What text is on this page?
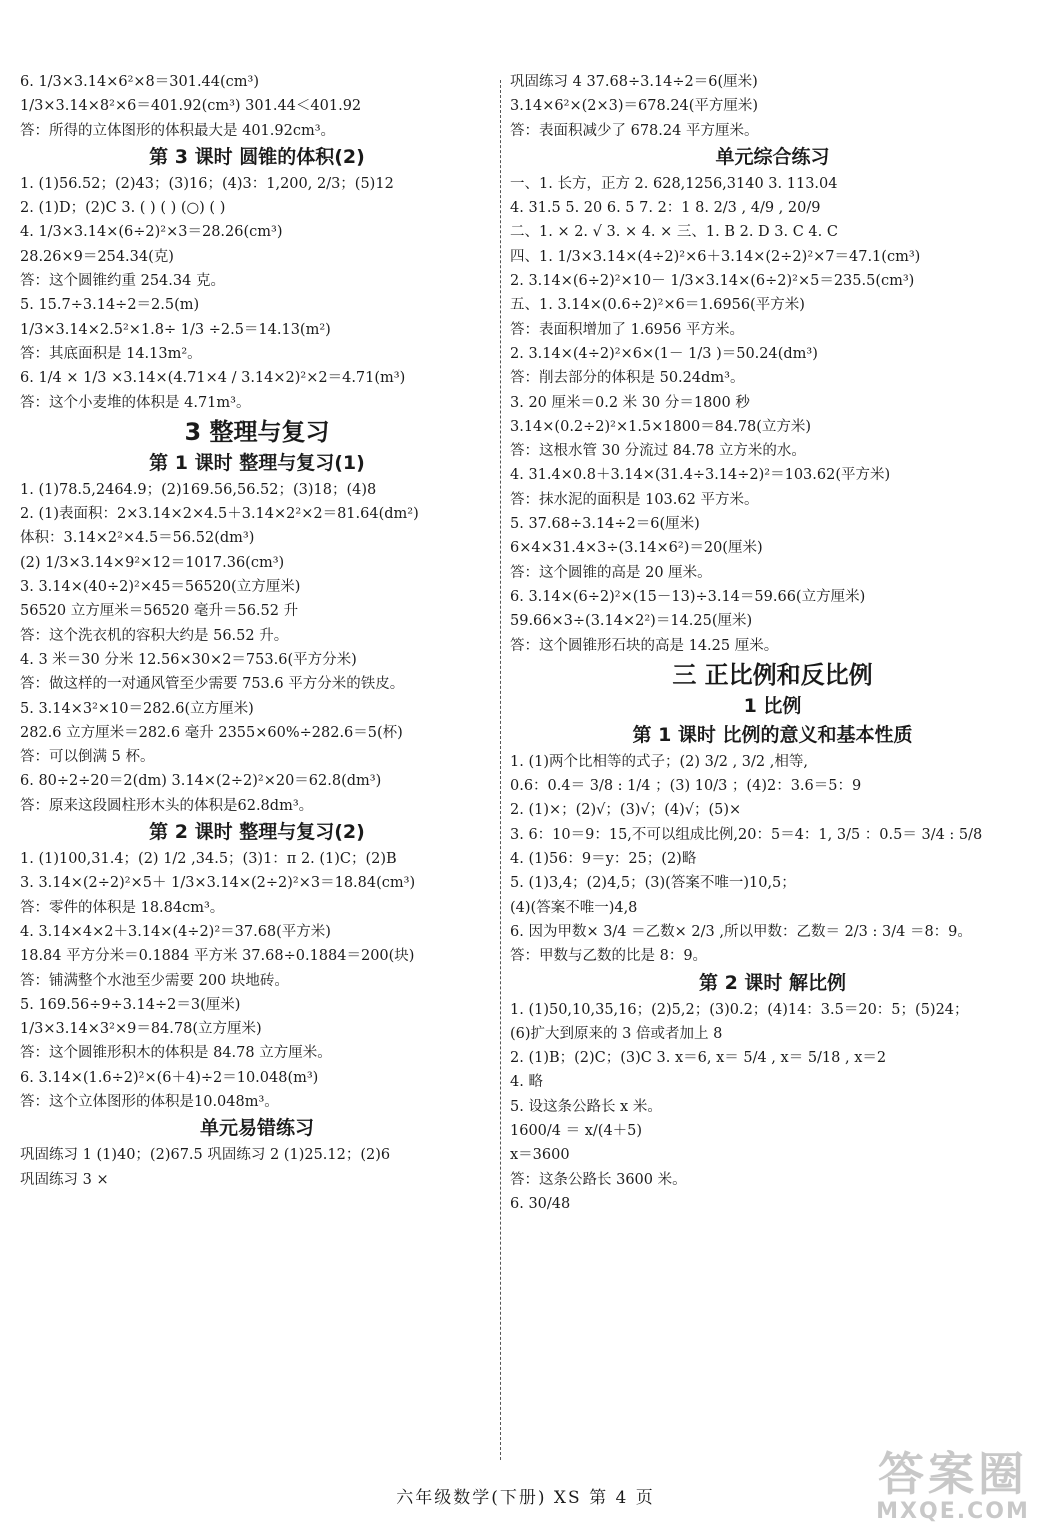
6. 1/3×3.14×6²×8＝301.44(cm³)
1/3×3.14×8²×6＝401.92(cm³) 301.44＜401.92
答：所得的立体图形的体积最大是 401.92cm³。
第 3 课时 圆锥的体积(2)
1. (1)56.52；(2)43；(3)16；(4)3：1,200, 2/3；(5)12
2. (1)D；(2)C 3. ( ) ( ) (○) ( )
4. 1/3×3.14×(6÷2)²×3＝28.26(cm³)
28.26×9＝254.34(克)
答：这个圆锥约重 254.34 克。
5. 15.7÷3.14÷2＝2.5(m)
1/3×3.14×2.5²×1.8÷ 1/3 ÷2.5＝14.13(m²)
答：其底面积是 14.13m²。
6. 1/4 × 1/3 ×3.14×(4.71×4 / 3.14×2)²×2＝4.71(m³)
答：这个小麦堆的体积是 4.71m³。
3 整理与复习
第 1 课时 整理与复习(1)
1. (1)78.5,2464.9；(2)169.56,56.52；(3)18；(4)8
2. (1)表面积：2×3.14×2×4.5＋3.14×2²×2＝81.64(dm²)
体积：3.14×2²×4.5＝56.52(dm³)
(2) 1/3×3.14×9²×12＝1017.36(cm³)
3. 3.14×(40÷2)²×45＝56520(立方厘米)
56520 立方厘米＝56520 毫升＝56.52 升
答：这个洗衣机的容积大约是 56.52 升。
4. 3 米＝30 分米 12.56×30×2＝753.6(平方分米)
答：做这样的一对通风管至少需要 753.6 平方分米的铁皮。
5. 3.14×3²×10＝282.6(立方厘米)
282.6 立方厘米＝282.6 毫升 2355×60%÷282.6＝5(杯)
答：可以倒满 5 杯。
6. 80÷2÷20＝2(dm) 3.14×(2÷2)²×20＝62.8(dm³)
答：原来这段圆柱形木头的体积是62.8dm³。
第 2 课时 整理与复习(2)
1. (1)100,31.4；(2) 1/2 ,34.5；(3)1：π 2. (1)C；(2)B
3. 3.14×(2÷2)²×5＋ 1/3×3.14×(2÷2)²×3＝18.84(cm³)
答：零件的体积是 18.84cm³。
4. 3.14×4×2＋3.14×(4÷2)²＝37.68(平方米)
18.84 平方分米＝0.1884 平方米 37.68÷0.1884＝200(块)
答：铺满整个水池至少需要 200 块地砖。
5. 169.56÷9÷3.14÷2＝3(厘米)
1/3×3.14×3²×9＝84.78(立方厘米)
答：这个圆锥形积木的体积是 84.78 立方厘米。
6. 3.14×(1.6÷2)²×(6＋4)÷2＝10.048(m³)
答：这个立体图形的体积是10.048m³。
单元易错练习
巩固练习 1 (1)40；(2)67.5 巩固练习 2 (1)25.12；(2)6
巩固练习 3 ×
巩固练习 4 37.68÷3.14÷2＝6(厘米)
3.14×6²×(2×3)＝678.24(平方厘米)
答：表面积减少了 678.24 平方厘米。
单元综合练习
一、1. 长方，正方 2. 628,1256,3140 3. 113.04
4. 31.5 5. 20 6. 5 7. 2：1 8. 2/3 , 4/9 , 20/9
二、1. × 2. √ 3. × 4. × 三、1. B 2. D 3. C 4. C
四、1. 1/3×3.14×(4÷2)²×6＋3.14×(2÷2)²×7＝47.1(cm³)
2. 3.14×(6÷2)²×10－ 1/3×3.14×(6÷2)²×5＝235.5(cm³)
五、1. 3.14×(0.6÷2)²×6＝1.6956(平方米)
答：表面积增加了 1.6956 平方米。
2. 3.14×(4÷2)²×6×(1－ 1/3 )＝50.24(dm³)
答：削去部分的体积是 50.24dm³。
3. 20 厘米＝0.2 米 30 分＝1800 秒
3.14×(0.2÷2)²×1.5×1800＝84.78(立方米)
答：这根水管 30 分流过 84.78 立方米的水。
4. 31.4×0.8＋3.14×(31.4÷3.14÷2)²＝103.62(平方米)
答：抹水泥的面积是 103.62 平方米。
5. 37.68÷3.14÷2＝6(厘米)
6×4×31.4×3÷(3.14×6²)＝20(厘米)
答：这个圆锥的高是 20 厘米。
6. 3.14×(6÷2)²×(15－13)÷3.14＝59.66(立方厘米)
59.66×3÷(3.14×2²)＝14.25(厘米)
答：这个圆锥形石块的高是 14.25 厘米。
三 正比例和反比例
1 比例
第 1 课时 比例的意义和基本性质
1. (1)两个比相等的式子；(2) 3/2 , 3/2 ,相等,
0.6：0.4＝ 3/8 : 1/4 ；(3) 10/3 ；(4)2：3.6＝5：9
2. (1)×；(2)√；(3)√；(4)√；(5)×
3. 6：10＝9：15,不可以组成比例,20：5＝4：1, 3/5 ：0.5＝ 3/4 : 5/8
4. (1)56：9＝y：25；(2)略
5. (1)3,4；(2)4,5；(3)(答案不唯一)10,5；
(4)(答案不唯一)4,8
6. 因为甲数× 3/4 ＝乙数× 2/3 ,所以甲数：乙数＝ 2/3 : 3/4 ＝8：9。
答：甲数与乙数的比是 8：9。
第 2 课时 解比例
1. (1)50,10,35,16；(2)5,2；(3)0.2；(4)14：3.5＝20：5；(5)24；
(6)扩大到原来的 3 倍或者加上 8
2. (1)B；(2)C；(3)C 3. x＝6, x＝ 5/4 , x＝ 5/18 , x＝2
4. 略
5. 设这条公路长 x 米。
1600/4 ＝ x/(4＋5)
x＝3600
答：这条公路长 3600 米。
6. 30/48
六年级数学(下册) XS 第 4 页	答案圈
MXQE.COM
